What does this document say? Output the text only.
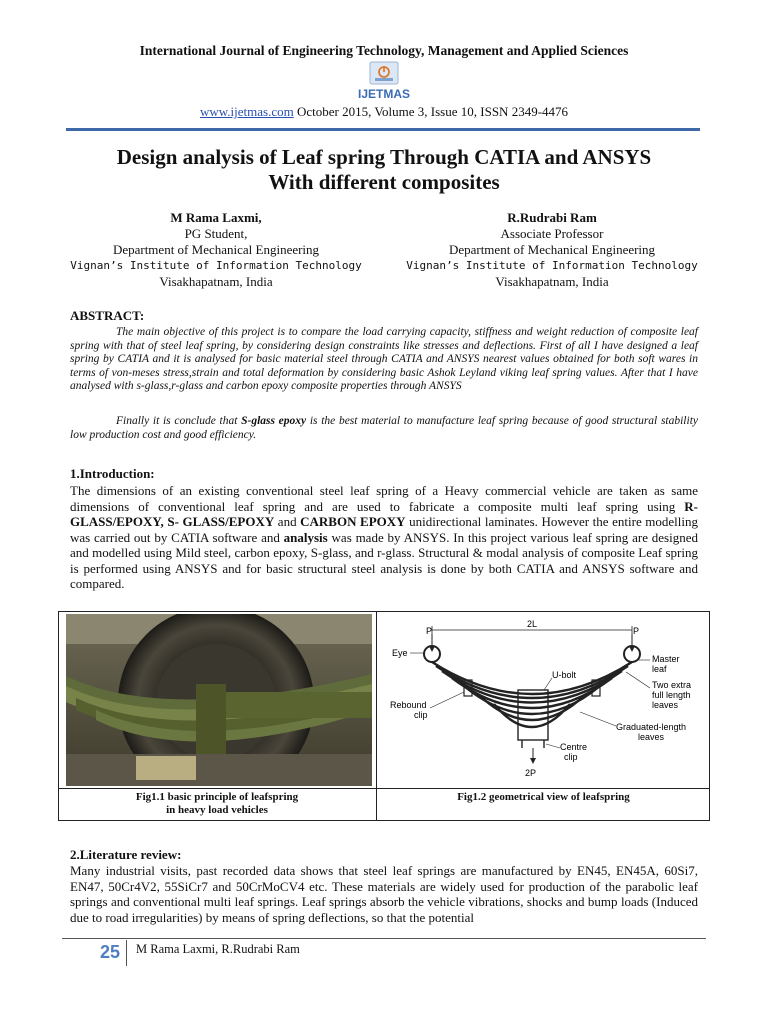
International Journal of Engineering Technology, Management and Applied Sciences
IJETMAS
www.ijetmas.com October 2015, Volume 3, Issue 10, ISSN 2349-4476
Design analysis of Leaf spring Through CATIA and ANSYS
With different composites
M Rama Laxmi,
PG Student,
Department of Mechanical Engineering
Vignan’s Institute of Information Technology
Visakhapatnam, India
R.Rudrabi Ram
Associate Professor
Department of Mechanical Engineering
Vignan’s Institute of Information Technology
Visakhapatnam, India
ABSTRACT:
The main objective of this project is to compare the load carrying capacity, stiffness and weight reduction of composite leaf spring with that of steel leaf spring, by considering design constraints like stresses and deflections. First of all I have designed a leaf spring by CATIA and it is analysed for basic material steel through CATIA and ANSYS nearest values obtained for both soft wares in terms of von-meses stress,strain and total deformation by considering basic Ashok Leyland viking leaf spring values. After that I have analysed with s-glass,r-glass and carbon epoxy composite properties through ANSYS
Finally it is conclude that S-glass epoxy is the best material to manufacture leaf spring because of good structural stability low production cost and good efficiency.
1.Introduction:
The dimensions of an existing conventional steel leaf spring of a Heavy commercial vehicle are taken as same dimensions of conventional leaf spring and are used to fabricate a composite multi leaf spring using R-GLASS/EPOXY, S- GLASS/EPOXY and CARBON EPOXY unidirectional laminates. However the entire modelling was carried out by CATIA software and analysis was made by ANSYS. In this project various leaf spring are designed and modelled using Mild steel, carbon epoxy, S-glass, and r-glass. Structural & modal analysis of composite Leaf spring is performed using ANSYS and for basic structural steel analysis is done by both CATIA and ANSYS software and compared.
2L
P	P
Eye
Master
leaf
U-bolt
Two extra
full length
leaves
Rebound
clip
Graduated-length
leaves
Centre
clip
2P
Fig1.1 basic principle of leafspring
in heavy load vehicles
Fig1.2 geometrical view of leafspring
2.Literature review:
Many industrial visits, past recorded data shows that steel leaf springs are manufactured by EN45, EN45A, 60Si7, EN47, 50Cr4V2, 55SiCr7 and 50CrMoCV4 etc. These materials are widely used for production of the parabolic leaf springs and conventional multi leaf springs. Leaf springs absorb the vehicle vibrations, shocks and bump loads (Induced due to road irregularities) by means of spring deflections, so that the potential
25 M Rama Laxmi, R.Rudrabi Ram
